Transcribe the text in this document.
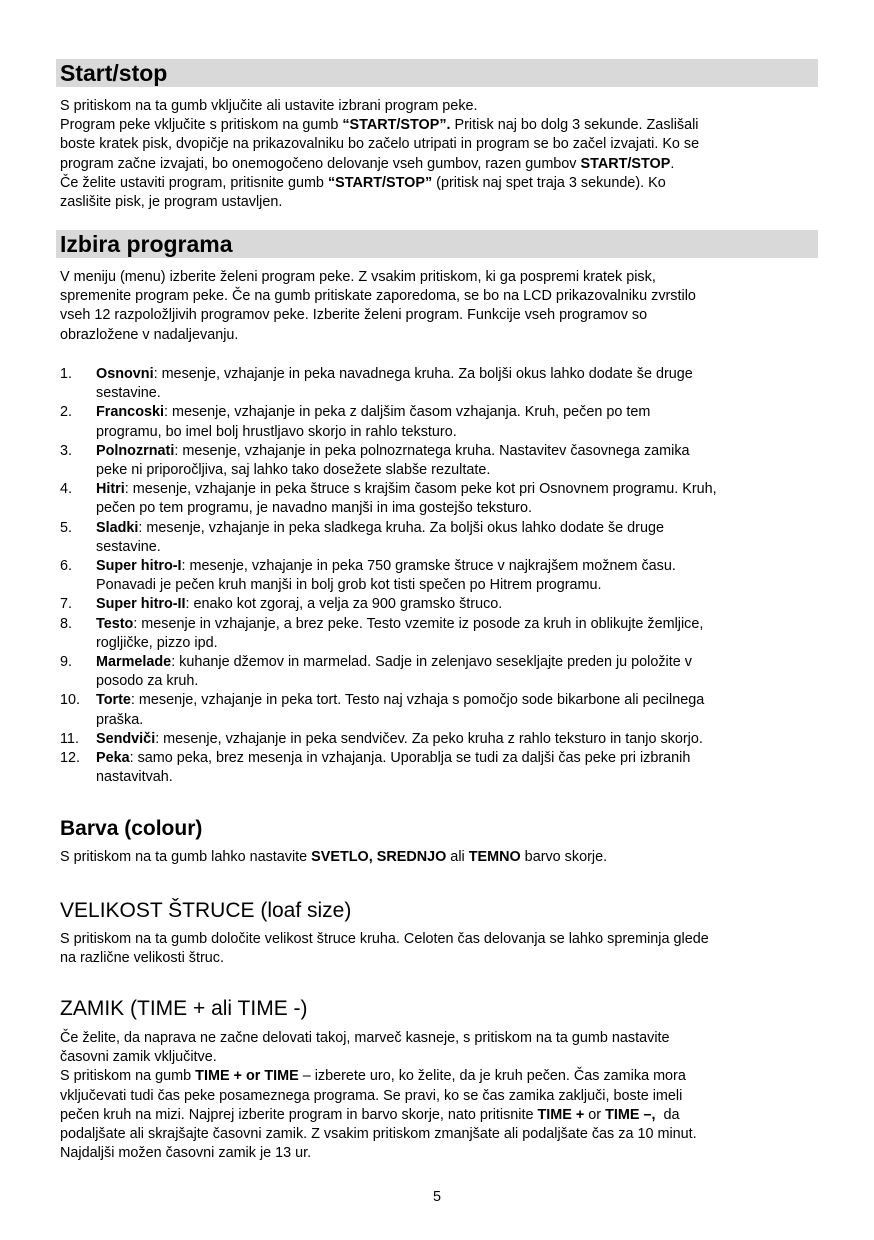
Start/stop

S pritiskom na ta gumb vključite ali ustavite izbrani program peke.

Program peke vključite s pritiskom na gumb “START/STOP”. Pritisk naj bo dolg 3 sekunde. Zaslišali

boste kratek pisk, dvopičje na prikazovalniku bo začelo utripati in program se bo začel izvajati. Ko se

program začne izvajati, bo onemogočeno delovanje vseh gumbov, razen gumbov START/STOP.

Če želite ustaviti program, pritisnite gumb “START/STOP” (pritisk naj spet traja 3 sekunde). Ko

zaslišite pisk, je program ustavljen.

Izbira programa

V meniju (menu) izberite želeni program peke. Z vsakim pritiskom, ki ga pospremi kratek pisk,

spremenite program peke. Če na gumb pritiskate zaporedoma, se bo na LCD prikazovalniku zvrstilo

vseh 12 razpoložljivih programov peke. Izberite želeni program. Funkcije vseh programov so

obrazložene v nadaljevanju.

1. Osnovni: mesenje, vzhajanje in peka navadnega kruha. Za boljši okus lahko dodate še druge
sestavine.
2. Francoski: mesenje, vzhajanje in peka z daljšim časom vzhajanja. Kruh, pečen po tem
programu, bo imel bolj hrustljavo skorjo in rahlo teksturo.
3. Polnozrnati: mesenje, vzhajanje in peka polnozrnatega kruha. Nastavitev časovnega zamika
peke ni priporočljiva, saj lahko tako dosežete slabše rezultate.
4. Hitri: mesenje, vzhajanje in peka štruce s krajšim časom peke kot pri Osnovnem programu. Kruh,
pečen po tem programu, je navadno manjši in ima gostejšo teksturo.
5. Sladki: mesenje, vzhajanje in peka sladkega kruha. Za boljši okus lahko dodate še druge
sestavine.
6. Super hitro-I: mesenje, vzhajanje in peka 750 gramske štruce v najkrajšem možnem času.
Ponavadi je pečen kruh manjši in bolj grob kot tisti spečen po Hitrem programu.
7. Super hitro-II: enako kot zgoraj, a velja za 900 gramsko štruco.
8. Testo: mesenje in vzhajanje, a brez peke. Testo vzemite iz posode za kruh in oblikujte žemljice,
rogljičke, pizzo ipd.
9. Marmelade: kuhanje džemov in marmelad. Sadje in zelenjavo sesekljajte preden ju položite v
posodo za kruh.
10. Torte: mesenje, vzhajanje in peka tort. Testo naj vzhaja s pomočjo sode bikarbone ali pecilnega
praška.
11. Sendviči: mesenje, vzhajanje in peka sendvičev. Za peko kruha z rahlo teksturo in tanjo skorjo.
12. Peka: samo peka, brez mesenja in vzhajanja. Uporablja se tudi za daljši čas peke pri izbranih
nastavitvah.
Barva (colour)

S pritiskom na ta gumb lahko nastavite SVETLO, SREDNJO ali TEMNO barvo skorje.

VELIKOST ŠTRUCE (loaf size)

S pritiskom na ta gumb določite velikost štruce kruha. Celoten čas delovanja se lahko spreminja glede

na različne velikosti štruc.

ZAMIK (TIME + ali TIME -)

Če želite, da naprava ne začne delovati takoj, marveč kasneje, s pritiskom na ta gumb nastavite

časovni zamik vključitve.

S pritiskom na gumb TIME + or TIME – izberete uro, ko želite, da je kruh pečen. Čas zamika mora

vključevati tudi čas peke posameznega programa. Se pravi, ko se čas zamika zaključi, boste imeli

pečen kruh na mizi. Najprej izberite program in barvo skorje, nato pritisnite TIME + or TIME –,  da

podaljšate ali skrajšajte časovni zamik. Z vsakim pritiskom zmanjšate ali podaljšate čas za 10 minut.

Najdaljši možen časovni zamik je 13 ur.

5
